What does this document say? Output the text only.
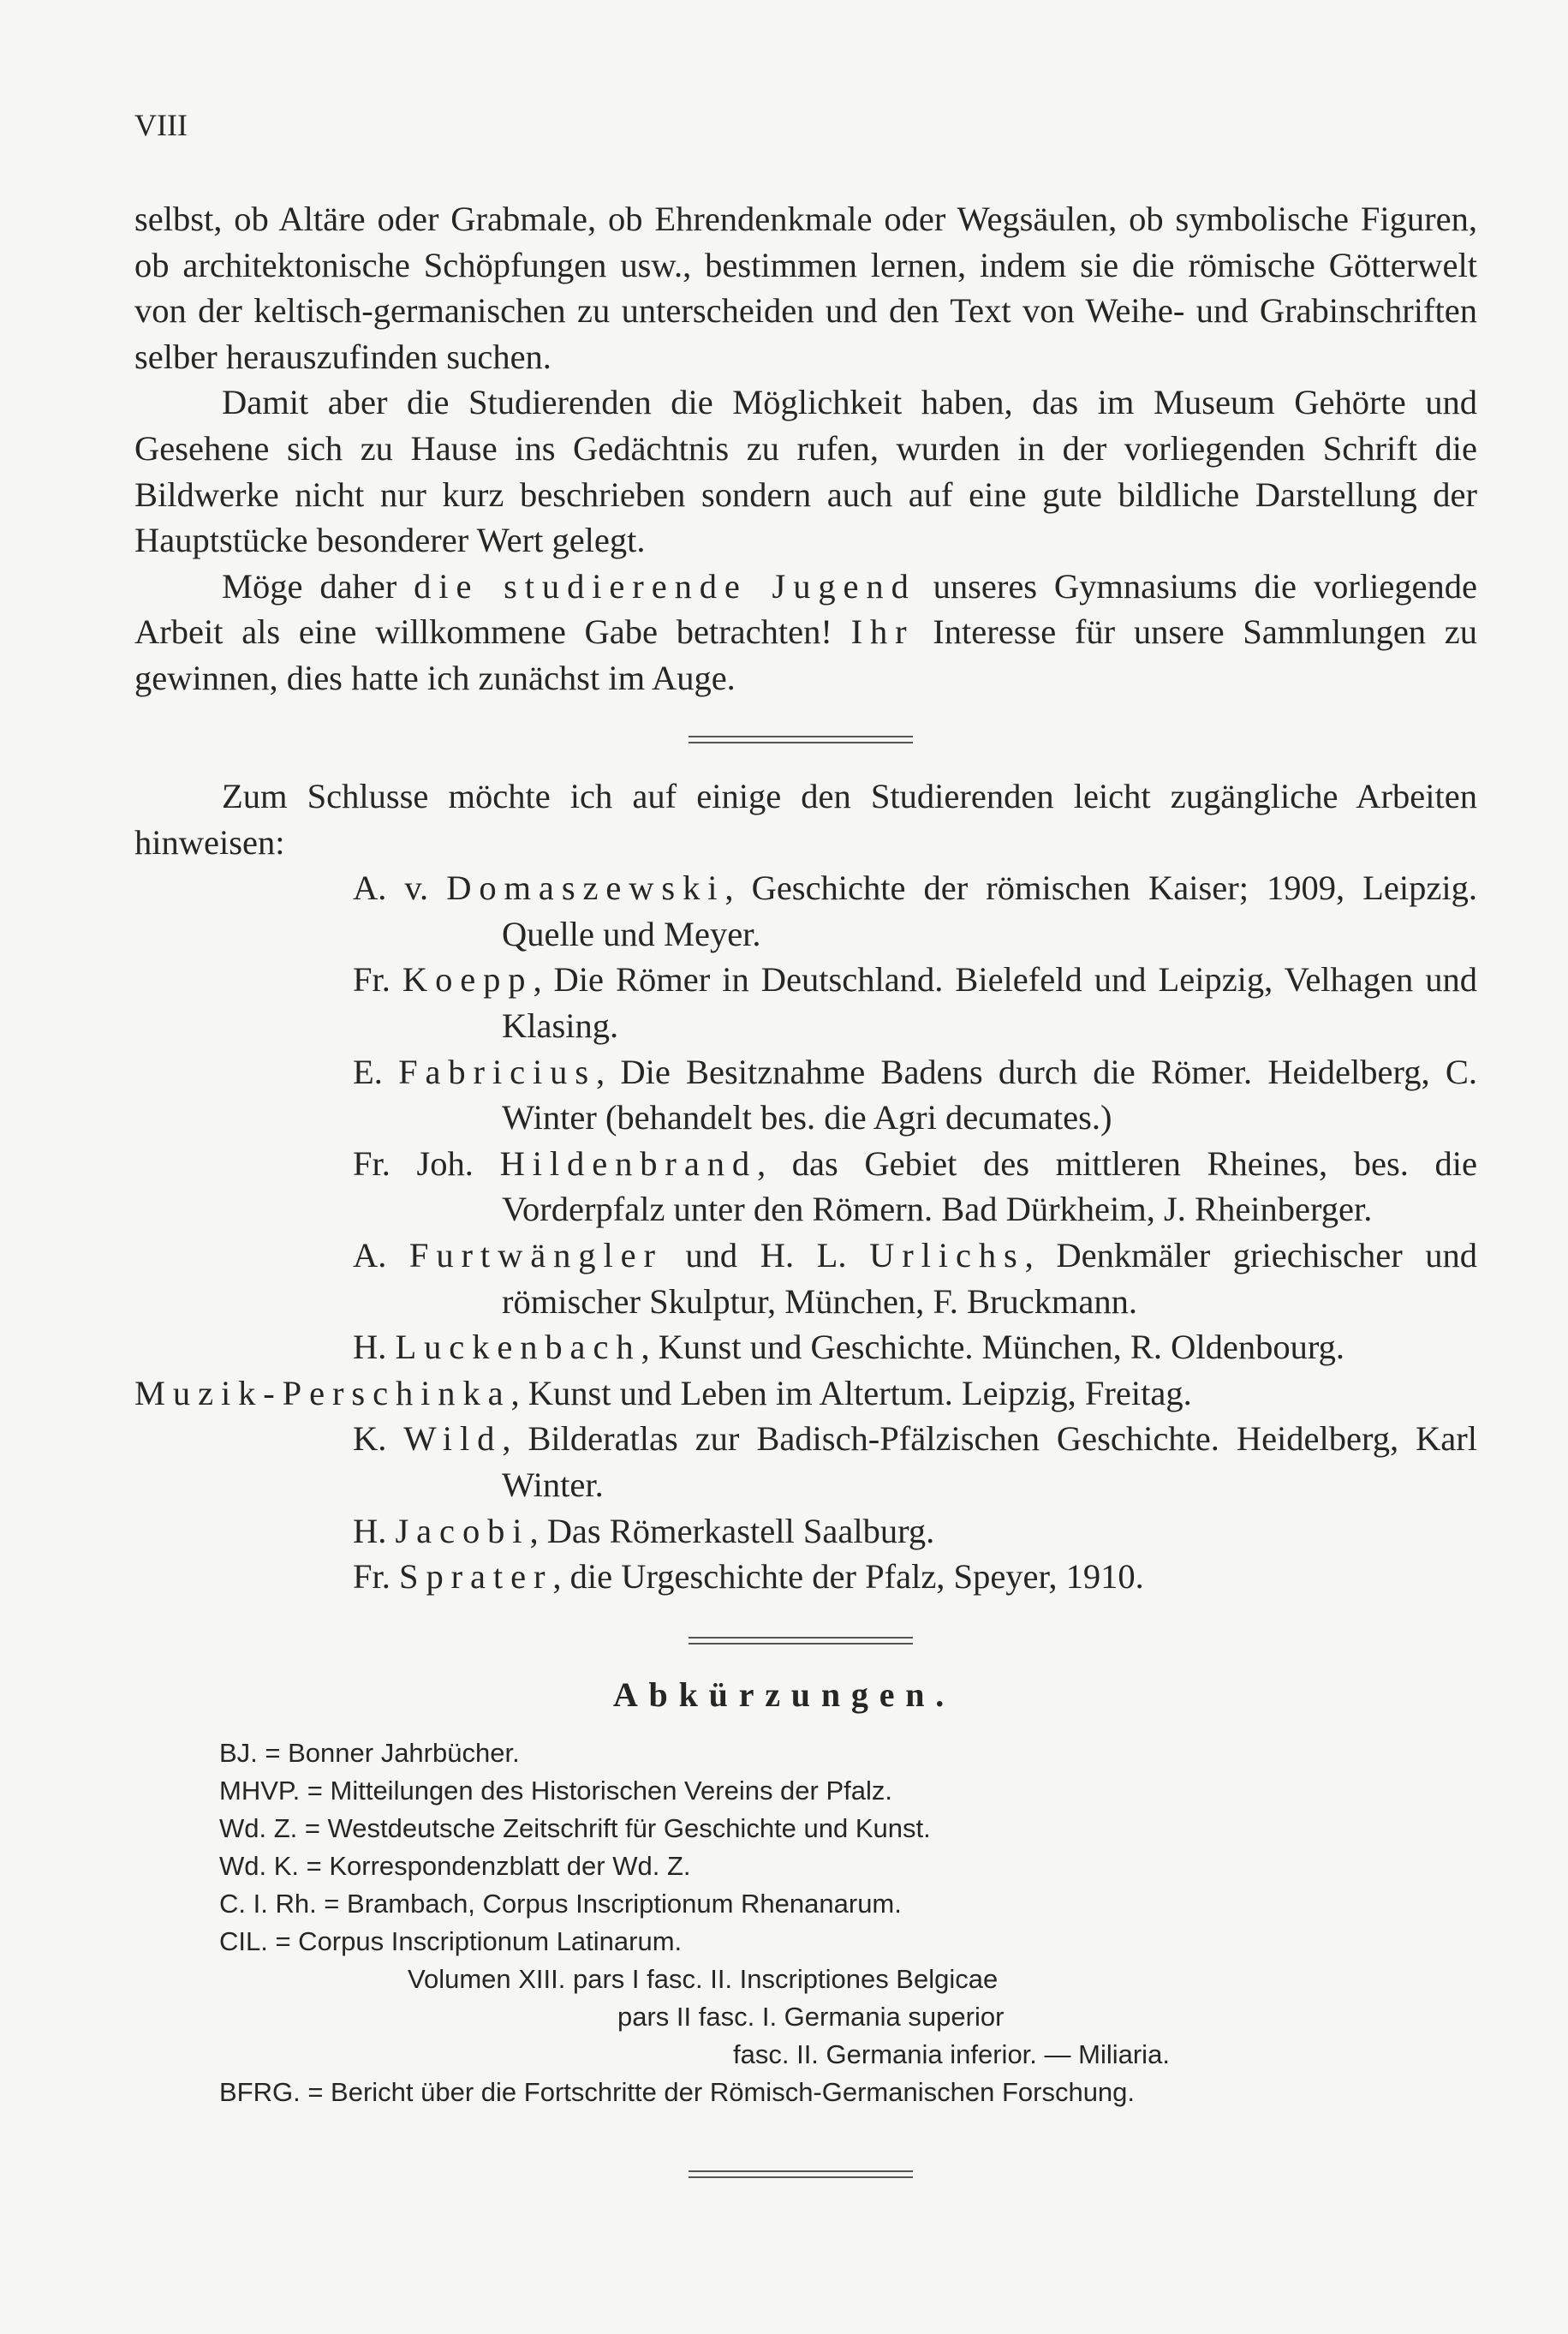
VIII

selbst, ob Altäre oder Grabmale, ob Ehrendenkmale oder Wegsäulen, ob symbolische Figuren, ob architektonische Schöpfungen usw., bestimmen lernen, indem sie die römische Götterwelt von der keltisch-germanischen zu unterscheiden und den Text von Weihe- und Grabinschriften selber herauszufinden suchen.

Damit aber die Studierenden die Möglichkeit haben, das im Museum Gehörte und Gesehene sich zu Hause ins Gedächtnis zu rufen, wurden in der vorliegenden Schrift die Bildwerke nicht nur kurz beschrieben sondern auch auf eine gute bildliche Darstellung der Hauptstücke besonderer Wert gelegt.

Möge daher die studierende Jugend unseres Gymnasiums die vorliegende Arbeit als eine willkommene Gabe betrachten! Ihr Interesse für unsere Sammlungen zu gewinnen, dies hatte ich zunächst im Auge.

Zum Schlusse möchte ich auf einige den Studierenden leicht zugängliche Arbeiten hinweisen:

A. v. Domaszewski, Geschichte der römischen Kaiser; 1909, Leipzig. Quelle und Meyer.
Fr. Koepp, Die Römer in Deutschland. Bielefeld und Leipzig, Velhagen und Klasing.
E. Fabricius, Die Besitznahme Badens durch die Römer. Heidelberg, C. Winter (behandelt bes. die Agri decumates.)
Fr. Joh. Hildenbrand, das Gebiet des mittleren Rheines, bes. die Vorderpfalz unter den Römern. Bad Dürkheim, J. Rheinberger.
A. Furtwängler und H. L. Urlichs, Denkmäler griechischer und römischer Skulptur, München, F. Bruckmann.
H. Luckenbach, Kunst und Geschichte. München, R. Oldenbourg.
Muzik-Perschinka, Kunst und Leben im Altertum. Leipzig, Freitag.
K. Wild, Bilderatlas zur Badisch-Pfälzischen Geschichte. Heidelberg, Karl Winter.
H. Jacobi, Das Römerkastell Saalburg.
Fr. Sprater, die Urgeschichte der Pfalz, Speyer, 1910.
Abkürzungen.
BJ. = Bonner Jahrbücher.
MHVP. = Mitteilungen des Historischen Vereins der Pfalz.
Wd. Z. = Westdeutsche Zeitschrift für Geschichte und Kunst.
Wd. K. = Korrespondenzblatt der Wd. Z.
C. I. Rh. = Brambach, Corpus Inscriptionum Rhenanarum.
CIL. = Corpus Inscriptionum Latinarum.
Volumen XIII. pars I fasc. II. Inscriptiones Belgicae
pars II fasc. I. Germania superior
fasc. II. Germania inferior. — Miliaria.
BFRG. = Bericht über die Fortschritte der Römisch-Germanischen Forschung.
